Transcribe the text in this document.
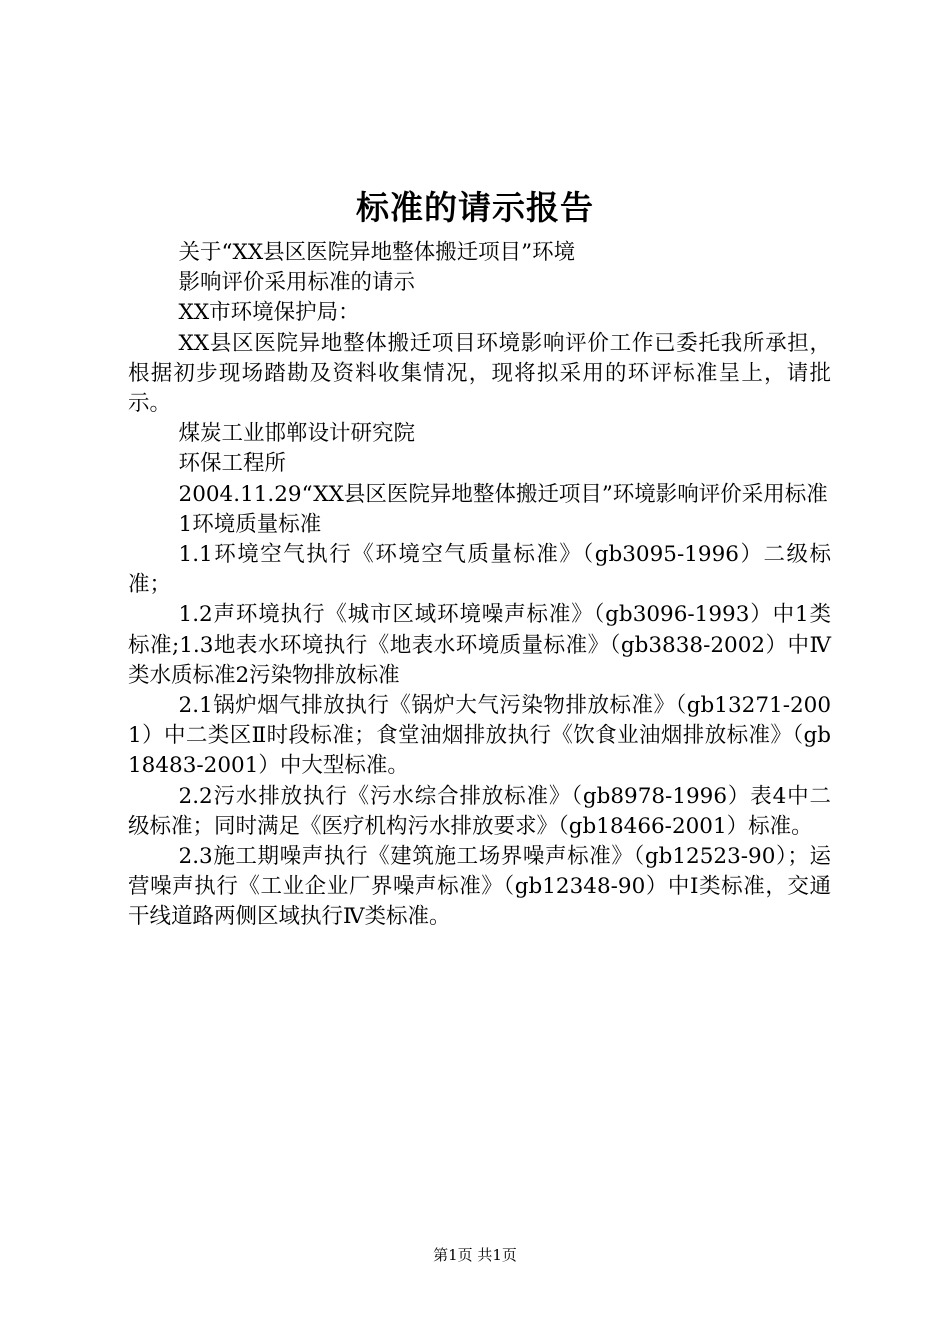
标准的请示报告

关于“XX县区医院异地整体搬迁项目”环境

影响评价采用标准的请示

XX市环境保护局：

XX县区医院异地整体搬迁项目环境影响评价工作已委托我所承担，根据初步现场踏勘及资料收集情况，现将拟采用的环评标准呈上，请批示。

煤炭工业邯郸设计研究院

环保工程所

2004.11.29“XX县区医院异地整体搬迁项目”环境影响评价采用标准

1环境质量标准

1.1环境空气执行《环境空气质量标准》（gb3095-1996）二级标准；

1.2声环境执行《城市区域环境噪声标准》（gb3096-1993）中1类标准;1.3地表水环境执行《地表水环境质量标准》（gb3838-2002）中Ⅳ类水质标准2污染物排放标准

2.1锅炉烟气排放执行《锅炉大气污染物排放标准》（gb13271-2001）中二类区Ⅱ时段标准；食堂油烟排放执行《饮食业油烟排放标准》（gb18483-2001）中大型标准。

2.2污水排放执行《污水综合排放标准》（gb8978-1996）表4中二级标准；同时满足《医疗机构污水排放要求》（gb18466-2001）标准。

2.3施工期噪声执行《建筑施工场界噪声标准》（gb12523-90）；运营噪声执行《工业企业厂界噪声标准》（gb12348-90）中Ⅰ类标准，交通干线道路两侧区域执行Ⅳ类标准。

第1页 共1页
